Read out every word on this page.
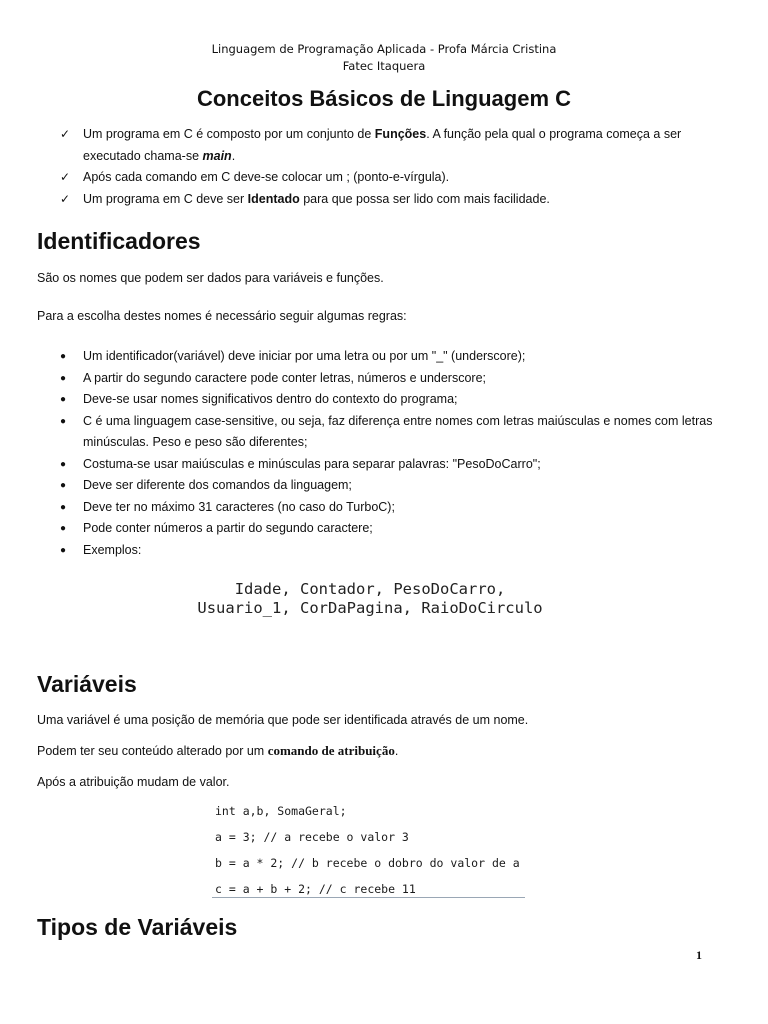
Linguagem de Programação Aplicada - Profa Márcia Cristina
Fatec Itaquera
Conceitos Básicos de Linguagem C
✓ Um programa em C é composto por um conjunto de Funções. A função pela qual o programa começa a ser executado chama-se main.
✓ Após cada comando em C deve-se colocar um ; (ponto-e-vírgula).
✓ Um programa em C deve ser Identado para que possa ser lido com mais facilidade.
Identificadores

São os nomes que podem ser dados para variáveis e funções.

Para a escolha destes nomes é necessário seguir algumas regras:

● Um identificador(variável) deve iniciar por uma letra ou por um "_" (underscore);
● A partir do segundo caractere pode conter letras, números e underscore;
● Deve-se usar nomes significativos dentro do contexto do programa;
● C é uma linguagem case-sensitive, ou seja, faz diferença entre nomes com letras maiúsculas e nomes com letras minúsculas. Peso e peso são diferentes;
● Costuma-se usar maiúsculas e minúsculas para separar palavras: "PesoDoCarro";
● Deve ser diferente dos comandos da linguagem;
● Deve ter no máximo 31 caracteres (no caso do TurboC);
● Pode conter números a partir do segundo caractere;
● Exemplos:
Idade, Contador, PesoDoCarro,
Usuario_1, CorDaPagina, RaioDoCirculo
Variáveis

Uma variável é uma posição de memória que pode ser identificada através de um nome.

Podem ter seu conteúdo alterado por um comando de atribuição.

Após a atribuição mudam de valor.

int a,b, SomaGeral;
a = 3; // a recebe o valor 3
b = a * 2; // b recebe o dobro do valor de a
c = a + b + 2; // c recebe 11
Tipos de Variáveis
1
